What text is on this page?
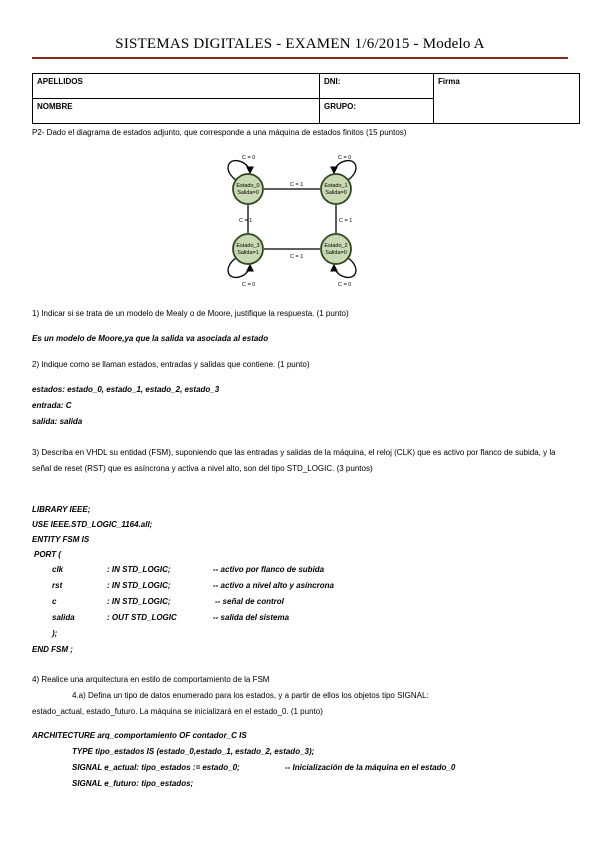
SISTEMAS DIGITALES - EXAMEN 1/6/2015 - Modelo A
APELLIDOS	DNI:	Firma
NOMBRE	GRUPO:	
P2- Dado el diagrama de estados adjunto, que corresponde a una máquina de estados finitos (15 puntos)
Estado_0
Salida=0
Estado_1
Salida=0
Estado_2
Salida=0
Estado_3
Salida=1
C = 0	C = 0
C = 1
C = 1	C = 1
C = 1
C = 0	C = 0
1) Indicar si se trata de un modelo de Mealy o de Moore, justifique la respuesta. (1 punto)
Es un modelo de Moore,ya que la salida va asociada al estado
2) Indique como se llaman estados, entradas y salidas que contiene. (1 punto)
estados: estado_0, estado_1, estado_2, estado_3
entrada: C
salida: salida
3) Describa en VHDL su entidad (FSM), suponiendo que las entradas y salidas de la máquina, el reloj (CLK) que es activo por flanco de subida, y la señal de reset (RST) que es asíncrona y activa a nivel alto, son del tipo STD_LOGIC. (3 puntos)
LIBRARY IEEE;
USE IEEE.STD_LOGIC_1164.all;
ENTITY FSM IS
PORT (
clk	: IN STD_LOGIC;	-- activo por flanco de subida
rst	: IN STD_LOGIC;	-- activo a nivel alto y asíncrona
c	: IN STD_LOGIC;	-- señal de control
salida	: OUT STD_LOGIC	-- salida del sistema
);
END FSM ;
4) Realice una arquitectura en estilo de comportamiento de la FSM
4.a) Defina un tipo de datos enumerado para los estados, y a partir de ellos los objetos tipo SIGNAL:
estado_actual, estado_futuro. La máquina se inicializará en el estado_0. (1 punto)
ARCHITECTURE arq_comportamiento OF contador_C IS
TYPE tipo_estados IS (estado_0,estado_1, estado_2, estado_3);
SIGNAL e_actual: tipo_estados := estado_0;	-- Inicialización de la máquina en el estado_0
SIGNAL e_futuro: tipo_estados;
